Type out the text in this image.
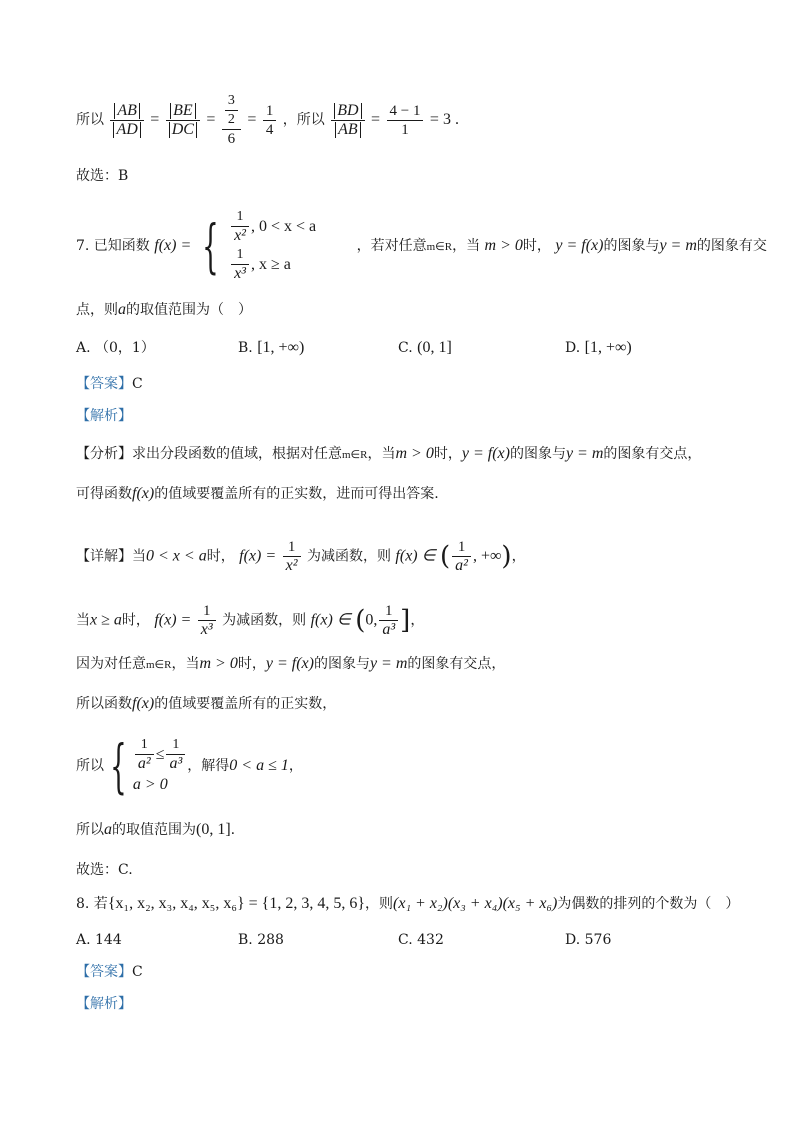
所以 $\frac{AB}{AD} = \frac{BE}{DC} = \frac{\frac{3}{2}}{6} = \frac{1}{4}$ ，所以 $\frac{BD}{AB} = \frac{4 - 1}{1} = 3$ .
故选：B
7. 已知函数 f(x) = { $\frac{1}{\text{x²}}$ , 0 < x < a
$\frac{1}{\text{x³}}$ , x ≥ a
，若对任意m∈R，当 m > 0时， y = f(x)的图象与y = m的图象有交
点，则a的取值范围为（　）
A. （0，1）	B. [1, +∞)	C. (0, 1]	D. [1, +∞)
【答案】C
【解析】
【分析】求出分段函数的值域，根据对任意m∈R，当m > 0时，y = f(x)的图象与y = m的图象有交点，
可得函数f(x)的值域要覆盖所有的正实数，进而可得出答案.
【详解】当0 < x < a时， $f(x) = \frac{1}{\text{x²}}$ 为减函数，则 f(x) ∈ ( $\frac{1}{\text{a²}}$ , +∞)，
当x ≥ a时， $f(x) = \frac{1}{\text{x³}}$ 为减函数，则 f(x) ∈ (0, $\frac{1}{\text{a³}}$ ]，
因为对任意m∈R，当m > 0时，y = f(x)的图象与y = m的图象有交点，
所以函数f(x)的值域要覆盖所有的正实数，
所以 { $\frac{1}{\text{a²}} \le \frac{1}{\text{a³}}$
a > 0
，解得0 < a ≤ 1，
所以a的取值范围为(0, 1].
故选：C.
8. 若{x₁, x₂, x₃, x₄, x₅, x₆} = {1, 2, 3, 4, 5, 6}，则(x₁ + x₂)(x₃ + x₄)(x₅ + x₆)为偶数的排列的个数为（　）
A. 144	B. 288	C. 432	D. 576
【答案】C
【解析】
